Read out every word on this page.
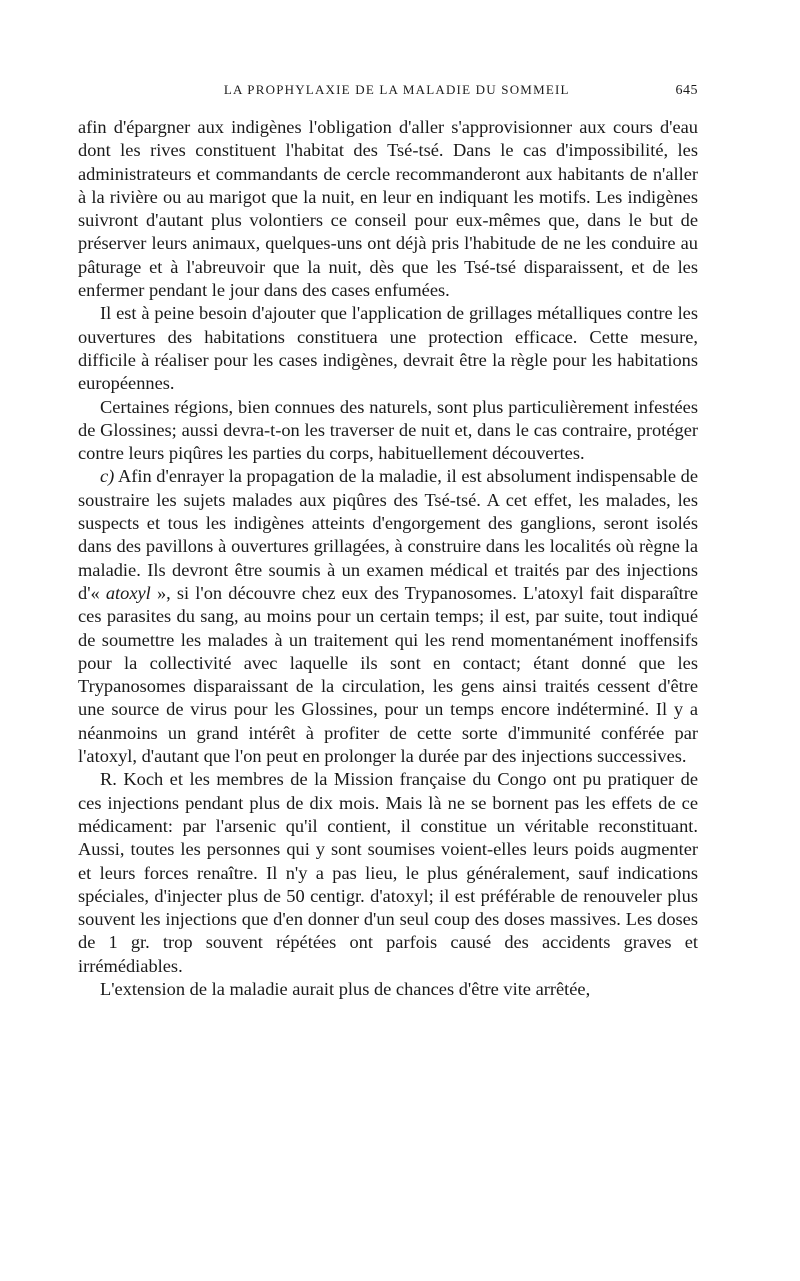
LA PROPHYLAXIE DE LA MALADIE DU SOMMEIL	645

afin d'épargner aux indigènes l'obligation d'aller s'approvisionner aux cours d'eau dont les rives constituent l'habitat des Tsé-tsé. Dans le cas d'impossibilité, les administrateurs et commandants de cercle recommanderont aux habitants de n'aller à la rivière ou au marigot que la nuit, en leur en indiquant les motifs. Les indigènes suivront d'autant plus volontiers ce conseil pour eux-mêmes que, dans le but de préserver leurs animaux, quelques-uns ont déjà pris l'habitude de ne les conduire au pâturage et à l'abreuvoir que la nuit, dès que les Tsé-tsé disparaissent, et de les enfermer pendant le jour dans des cases enfumées.

Il est à peine besoin d'ajouter que l'application de grillages métalliques contre les ouvertures des habitations constituera une protection efficace. Cette mesure, difficile à réaliser pour les cases indigènes, devrait être la règle pour les habitations européennes.

Certaines régions, bien connues des naturels, sont plus particulièrement infestées de Glossines; aussi devra-t-on les traverser de nuit et, dans le cas contraire, protéger contre leurs piqûres les parties du corps, habituellement découvertes.

c) Afin d'enrayer la propagation de la maladie, il est absolument indispensable de soustraire les sujets malades aux piqûres des Tsé-tsé. A cet effet, les malades, les suspects et tous les indigènes atteints d'engorgement des ganglions, seront isolés dans des pavillons à ouvertures grillagées, à construire dans les localités où règne la maladie. Ils devront être soumis à un examen médical et traités par des injections d'« atoxyl », si l'on découvre chez eux des Trypanosomes. L'atoxyl fait disparaître ces parasites du sang, au moins pour un certain temps; il est, par suite, tout indiqué de soumettre les malades à un traitement qui les rend momentanément inoffensifs pour la collectivité avec laquelle ils sont en contact; étant donné que les Trypanosomes disparaissant de la circulation, les gens ainsi traités cessent d'être une source de virus pour les Glossines, pour un temps encore indéterminé. Il y a néanmoins un grand intérêt à profiter de cette sorte d'immunité conférée par l'atoxyl, d'autant que l'on peut en prolonger la durée par des injections successives.

R. Koch et les membres de la Mission française du Congo ont pu pratiquer de ces injections pendant plus de dix mois. Mais là ne se bornent pas les effets de ce médicament: par l'arsenic qu'il contient, il constitue un véritable reconstituant. Aussi, toutes les personnes qui y sont soumises voient-elles leurs poids augmenter et leurs forces renaître. Il n'y a pas lieu, le plus généralement, sauf indications spéciales, d'injecter plus de 50 centigr. d'atoxyl; il est préférable de renouveler plus souvent les injections que d'en donner d'un seul coup des doses massives. Les doses de 1 gr. trop souvent répétées ont parfois causé des accidents graves et irrémédiables.

L'extension de la maladie aurait plus de chances d'être vite arrêtée,
